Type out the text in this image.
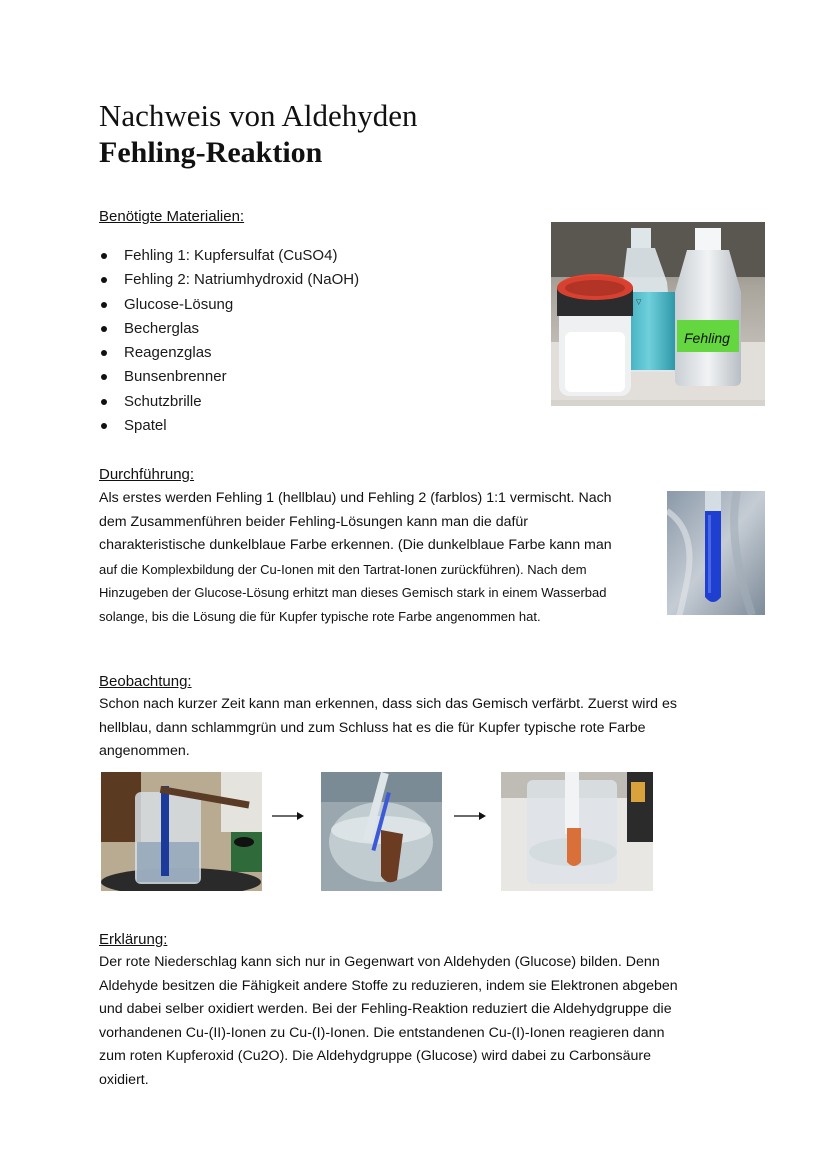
Nachweis von Aldehyden
Fehling-Reaktion
Benötigte Materialien:
Fehling 1: Kupfersulfat (CuSO4)
Fehling 2: Natriumhydroxid (NaOH)
Glucose-Lösung
Becherglas
Reagenzglas
Bunsenbrenner
Schutzbrille
Spatel
▽
Fehling
Durchführung:
Als erstes werden Fehling 1 (hellblau) und Fehling 2 (farblos) 1:1 vermischt. Nach
dem Zusammenführen beider Fehling-Lösungen kann man die dafür
charakteristische dunkelblaue Farbe erkennen. (Die dunkelblaue Farbe kann man
auf die Komplexbildung der Cu-Ionen mit den Tartrat-Ionen zurückführen). Nach dem
Hinzugeben der Glucose-Lösung erhitzt man dieses Gemisch stark in einem Wasserbad
solange, bis die Lösung die für Kupfer typische rote Farbe angenommen hat.
Beobachtung:
Schon nach kurzer Zeit kann man erkennen, dass sich das Gemisch verfärbt. Zuerst wird es
hellblau, dann schlammgrün und zum Schluss hat es die für Kupfer typische rote Farbe
angenommen.
Erklärung:
Der rote Niederschlag kann sich nur in Gegenwart von Aldehyden (Glucose) bilden. Denn
Aldehyde besitzen die Fähigkeit andere Stoffe zu reduzieren, indem sie Elektronen abgeben
und dabei selber oxidiert werden. Bei der Fehling-Reaktion reduziert die Aldehydgruppe die
vorhandenen Cu-(II)-Ionen zu Cu-(I)-Ionen. Die entstandenen Cu-(I)-Ionen reagieren dann
zum roten Kupferoxid (Cu2O). Die Aldehydgruppe (Glucose) wird dabei zu Carbonsäure
oxidiert.
